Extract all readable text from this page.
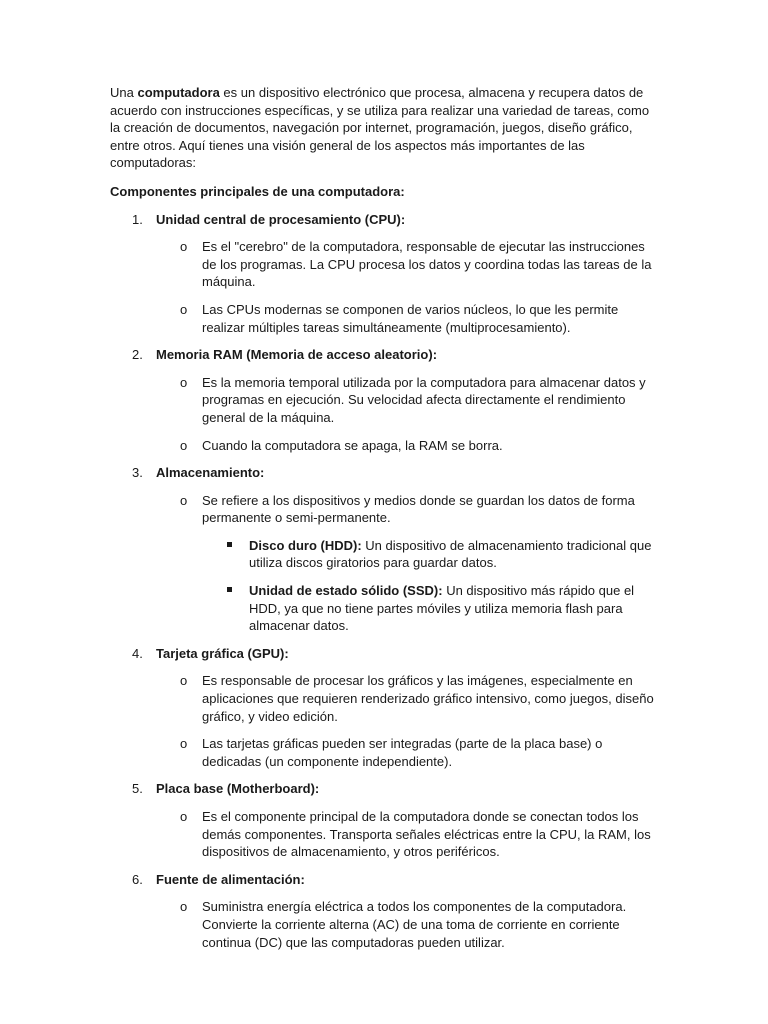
Una computadora es un dispositivo electrónico que procesa, almacena y recupera datos de acuerdo con instrucciones específicas, y se utiliza para realizar una variedad de tareas, como la creación de documentos, navegación por internet, programación, juegos, diseño gráfico, entre otros. Aquí tienes una visión general de los aspectos más importantes de las computadoras:

Componentes principales de una computadora:

1. Unidad central de procesamiento (CPU):
o Es el "cerebro" de la computadora, responsable de ejecutar las instrucciones de los programas. La CPU procesa los datos y coordina todas las tareas de la máquina.
o Las CPUs modernas se componen de varios núcleos, lo que les permite realizar múltiples tareas simultáneamente (multiprocesamiento).
2. Memoria RAM (Memoria de acceso aleatorio):
o Es la memoria temporal utilizada por la computadora para almacenar datos y programas en ejecución. Su velocidad afecta directamente el rendimiento general de la máquina.
o Cuando la computadora se apaga, la RAM se borra.
3. Almacenamiento:
o Se refiere a los dispositivos y medios donde se guardan los datos de forma permanente o semi-permanente.
Disco duro (HDD): Un dispositivo de almacenamiento tradicional que utiliza discos giratorios para guardar datos.
Unidad de estado sólido (SSD): Un dispositivo más rápido que el HDD, ya que no tiene partes móviles y utiliza memoria flash para almacenar datos.
4. Tarjeta gráfica (GPU):
o Es responsable de procesar los gráficos y las imágenes, especialmente en aplicaciones que requieren renderizado gráfico intensivo, como juegos, diseño gráfico, y video edición.
o Las tarjetas gráficas pueden ser integradas (parte de la placa base) o dedicadas (un componente independiente).
5. Placa base (Motherboard):
o Es el componente principal de la computadora donde se conectan todos los demás componentes. Transporta señales eléctricas entre la CPU, la RAM, los dispositivos de almacenamiento, y otros periféricos.
6. Fuente de alimentación:
o Suministra energía eléctrica a todos los componentes de la computadora. Convierte la corriente alterna (AC) de una toma de corriente en corriente continua (DC) que las computadoras pueden utilizar.
